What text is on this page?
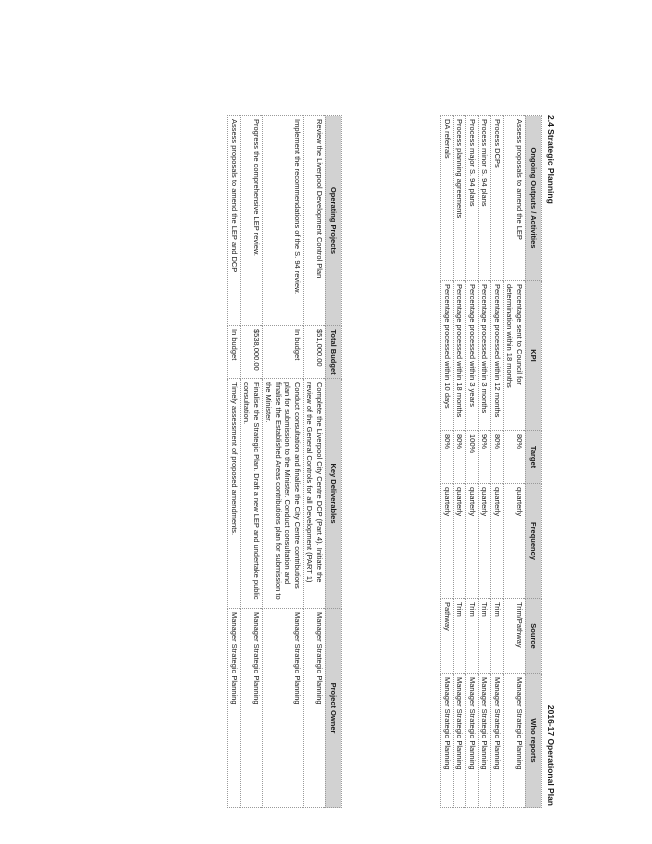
2.4 Strategic Planning
2016-17 Operational Plan
Ongoing Outputs / Activities	KPI	Target	Frequency	Source	Who reports
Assess proposals to amend the LEP	Percentage sent to Council for determination within 18 months	80%	quarterly	Trim/Pathway	Manager Strategic Planning
Process DCPs	Percentage processed within 12 months	80%	quarterly	Trim	Manager Strategic Planning
Process minor S. 94 plans	Percentage processed within 3 months	90%	quarterly	Trim	Manager Strategic Planning
Process major S. 94 plans	Percentage processed within 3 years	100%	quarterly	Trim	Manager Strategic Planning
Process planning agreements	Percentage processed within 18 months	80%	quarterly	Trim	Manager Strategic Planning
DA referrals	Percentage processed within 10 days	80%	quarterly	Pathway	Manager Strategic Planning
Operating Projects	Total Budget	Key Deliverables	Project Owner
Review the Liverpool Development Control Plan	$51,000.00	Complete the Liverpool City Centre DCP (Part 4). Initiate the review of the General Controls for all Development (PART 1)	Manager Strategic Planning
Implement the recommendations of the S. 94 review.	In budget	Conduct consultation and finalise the City Centre contributions plan for submission to the Minister. Conduct consultation and finalise the Established Areas contributions plan for submission to the Minister.	Manager Strategic Planning
Progress the comprehensive LEP review.	$538,000.00	Finalise the Strategic Plan. Draft a new LEP and undertake public consultation.	Manager Strategic Planning
Assess proposals to amend the LEP and DCP	In budget	Timely assessment of proposed amendments.	Manager Strategic Planning
